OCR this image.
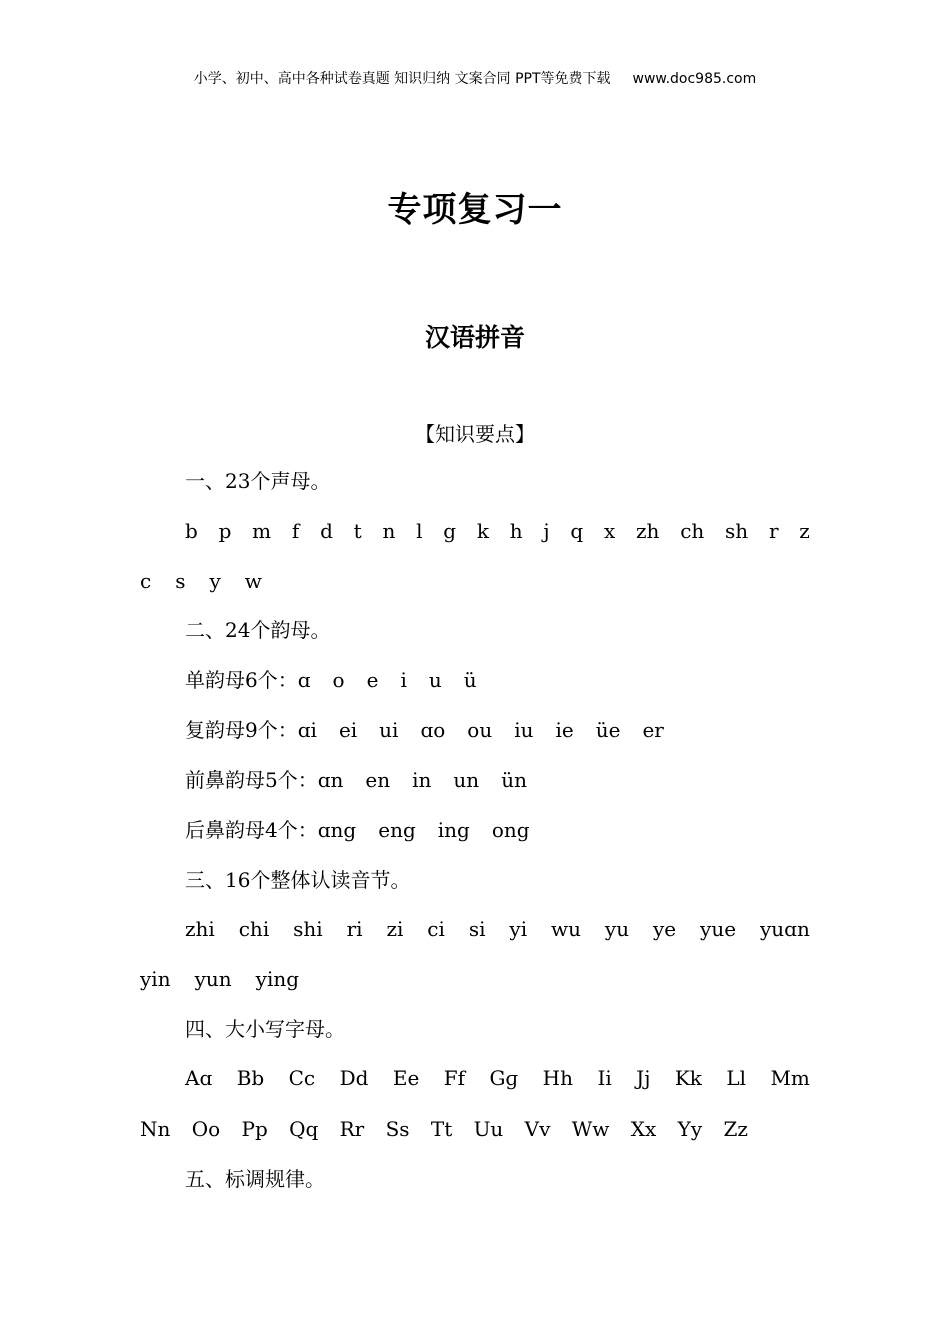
小学、初中、高中各种试卷真题 知识归纳 文案合同 PPT等免费下载 www.doc985.com
专项复习一
汉语拼音
【知识要点】
一、23个声母。
b p m f d t n l g k h j q x zh ch sh r z
c s y w
二、24个韵母。
单韵母6个：ɑ o e i u ü
复韵母9个：ɑi ei ui ɑo ou iu ie üe er
前鼻韵母5个：ɑn en in un ün
后鼻韵母4个：ɑng eng ing ong
三、16个整体认读音节。
zhi chi shi ri zi ci si yi wu yu ye yue yuɑn
yin yun ying
四、大小写字母。
Aɑ Bb Cc Dd Ee Ff Gɡ Hh Ii Jj Kk Ll Mm
Nn Oo Pp Qq Rr Ss Tt Uu Vv Ww Xx Yy Zz
五、标调规律。
